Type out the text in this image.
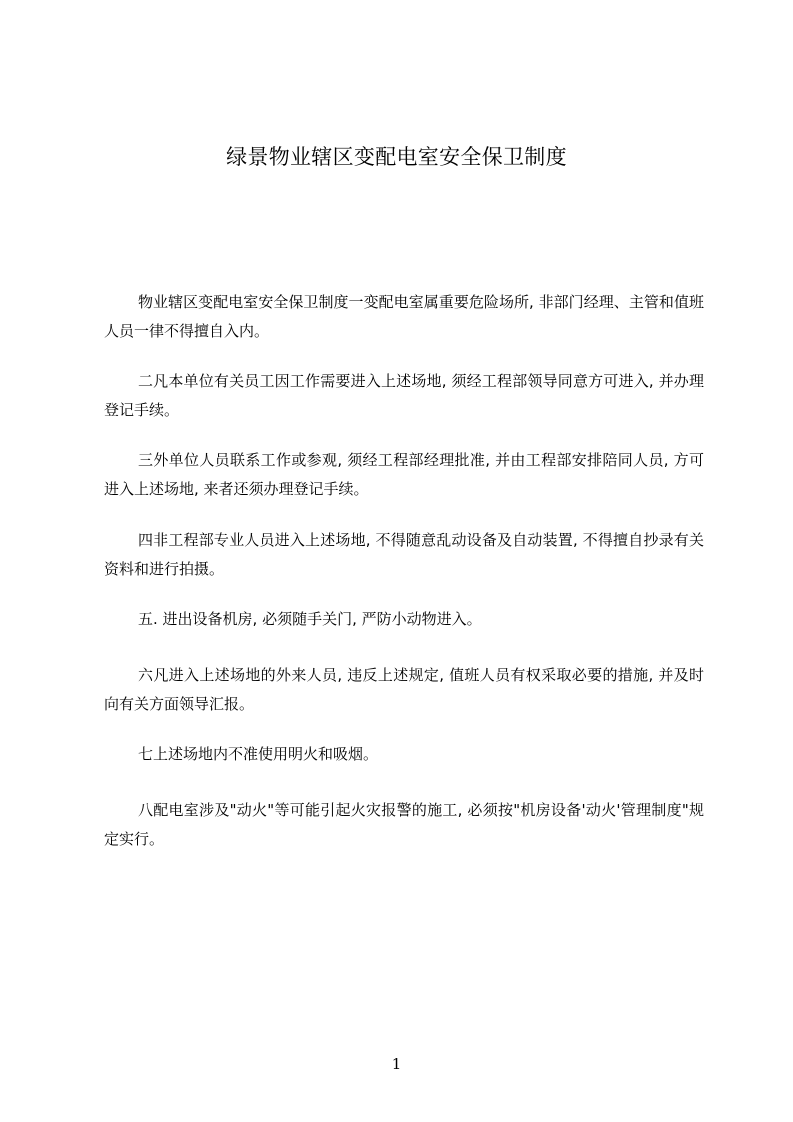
绿景物业辖区变配电室安全保卫制度

物业辖区变配电室安全保卫制度一变配电室属重要危险场所, 非部门经理、主管和值班人员一律不得擅自入内。

二凡本单位有关员工因工作需要进入上述场地, 须经工程部领导同意方可进入, 并办理登记手续。

三外单位人员联系工作或参观, 须经工程部经理批准, 并由工程部安排陪同人员, 方可进入上述场地, 来者还须办理登记手续。

四非工程部专业人员进入上述场地, 不得随意乱动设备及自动装置, 不得擅自抄录有关资料和进行拍摄。

五. 进出设备机房, 必须随手关门, 严防小动物进入。

六凡进入上述场地的外来人员, 违反上述规定, 值班人员有权采取必要的措施, 并及时向有关方面领导汇报。

七上述场地内不准使用明火和吸烟。

八配电室涉及"动火"等可能引起火灾报警的施工, 必须按"机房设备'动火'管理制度"规定实行。

1
